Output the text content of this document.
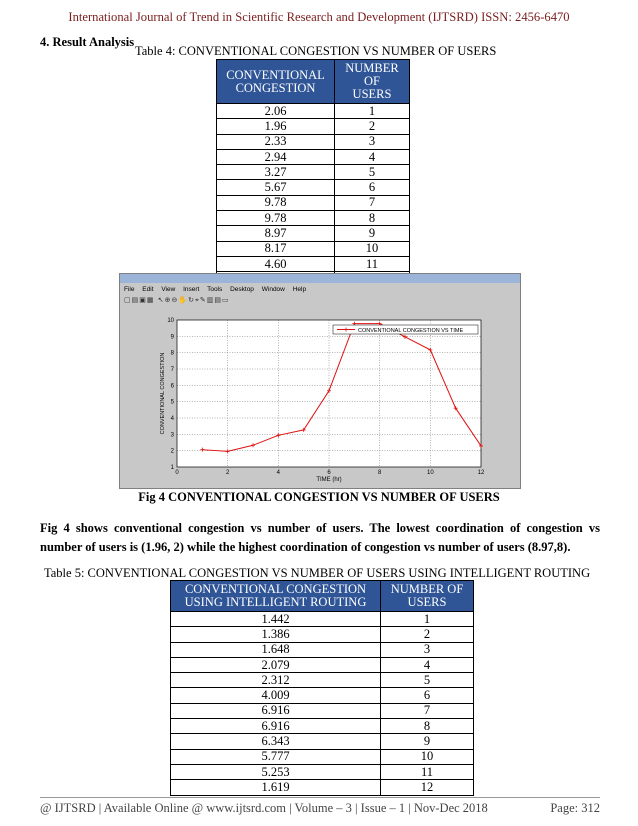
International Journal of Trend in Scientific Research and Development (IJTSRD) ISSN: 2456-6470
4. Result Analysis
Table 4: CONVENTIONAL CONGESTION VS NUMBER OF USERS
CONVENTIONAL
CONGESTION	NUMBER OF
USERS
2.06	1
1.96	2
2.33	3
2.94	4
3.27	5
5.67	6
9.78	7
9.78	8
8.97	9
8.17	10
4.60	11

File Edit View Insert Tools Desktop Window Help
▢▤▣▦ ↖⊕⊖✋↻⌖✎▥▤▭
0	2	4	6	8	10	12
1
2
3
4
5
6
7
8
9
10
TIME (hr)
CONVENTIONAL CONGESTION
CONVENTIONAL CONGESTION VS TIME
Fig 4 CONVENTIONAL CONGESTION VS NUMBER OF USERS
Fig 4 shows conventional congestion vs number of users. The lowest coordination of congestion vs number of users is (1.96, 2) while the highest coordination of congestion vs number of users (8.97,8).
Table 5: CONVENTIONAL CONGESTION VS NUMBER OF USERS USING INTELLIGENT ROUTING
CONVENTIONAL CONGESTION
USING INTELLIGENT ROUTING	NUMBER OF
USERS
1.442	1
1.386	2
1.648	3
2.079	4
2.312	5
4.009	6
6.916	7
6.916	8
6.343	9
5.777	10
5.253	11
1.619	12
@ IJTSRD | Available Online @ www.ijtsrd.com | Volume – 3 | Issue – 1 | Nov-Dec 2018	Page: 312
